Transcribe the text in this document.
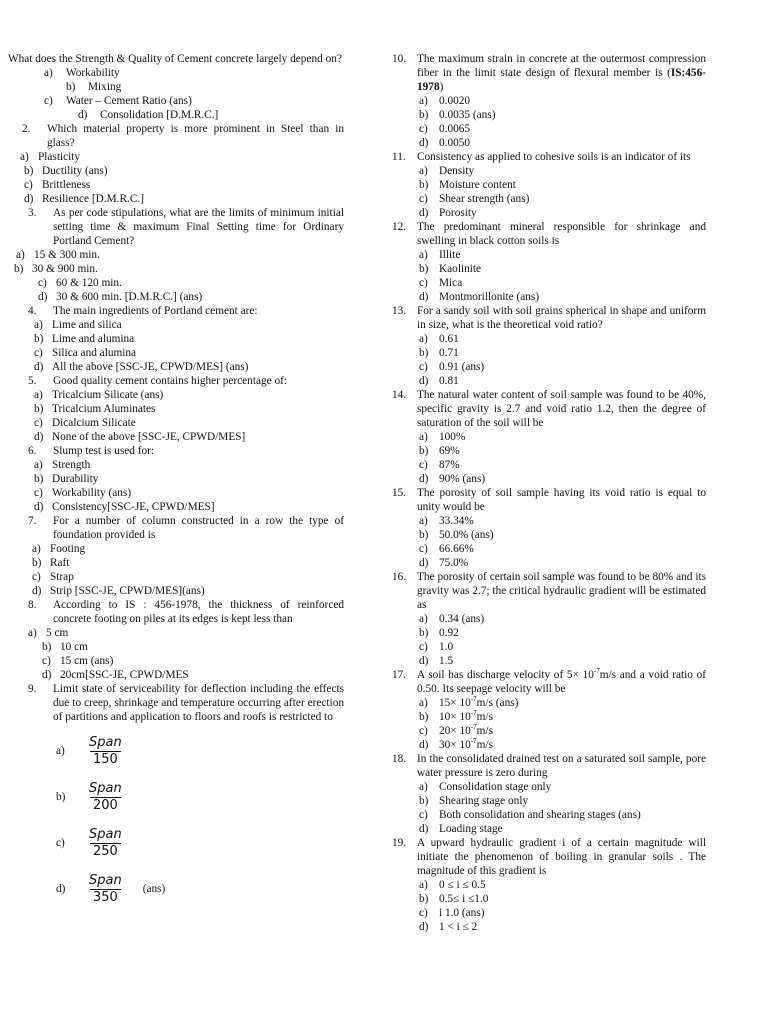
What does the Strength & Quality of Cement concrete largely depend on?
a)	Workability
b)	Mixing
c)	Water – Cement Ratio (ans)
d)	Consolidation [D.M.R.C.]
2.	Which material property is more prominent in Steel than in glass?
a) Plasticity
b) Ductility (ans)
c) Brittleness
d) Resilience [D.M.R.C.]
3.	As per code stipulations, what are the limits of minimum initial setting time & maximum Final Setting time for Ordinary Portland Cement?
a) 15 & 300 min.
b) 30 & 900 min.
c) 60 & 120 min.
d) 30 & 600 min. [D.M.R.C.] (ans)
4.	The main ingredients of Portland cement are:
a) Lime and silica
b) Lime and alumina
c) Silica and alumina
d) All the above [SSC-JE, CPWD/MES] (ans)
5.	Good quality cement contains higher percentage of:
a) Tricalcium Silicate (ans)
b) Tricalcium Aluminates
c) Dicalcium Silicate
d) None of the above [SSC-JE, CPWD/MES]
6.	Slump test is used for:
a) Strength
b) Durability
c) Workability (ans)
d) Consistency[SSC-JE, CPWD/MES]
7.	For a number of column constructed in a row the type of foundation provided is
a) Footing
b) Raft
c) Strap
d) Strip [SSC-JE, CPWD/MES](ans)
8.	According to IS : 456-1978, the thickness of reinforced concrete footing on piles at its edges is kept less than
a) 5 cm
b) 10 cm
c) 15 cm (ans)
d) 20cm[SSC-JE, CPWD/MES
9.	Limit state of serviceability for deflection including the effects due to creep, shrinkage and temperature occurring after erection of partitions and application to floors and roofs is restricted to
a)	$\frac{\text{Span}}{150}$
b)	$\frac{\text{Span}}{200}$
c)	$\frac{\text{Span}}{250}$
d)	$\frac{\text{Span}}{350} (ans)$
10. The maximum strain in concrete at the outermost compression fiber in the limit state design of flexural member is (IS:456-1978)
a) 0.0020
b) 0.0035 (ans)
c) 0.0065
d) 0.0050
11. Consistency as applied to cohesive soils is an indicator of its
a) Density
b) Moisture content
c) Shear strength (ans)
d) Porosity
12. The predominant mineral responsible for shrinkage and swelling in black cotton soils is
a) Illite
b) Kaolinite
c) Mica
d) Montmorillonite (ans)
13. For a sandy soil with soil grains spherical in shape and uniform in size, what is the theoretical void ratio?
a) 0.61
b) 0.71
c) 0.91 (ans)
d) 0.81
14. The natural water content of soil sample was found to be 40%, specific gravity is 2.7 and void ratio 1.2, then the degree of saturation of the soil will be
a) 100%
b) 69%
c) 87%
d) 90% (ans)
15. The porosity of soil sample having its void ratio is equal to unity would be
a) 33.34%
b) 50.0% (ans)
c) 66.66%
d) 75.0%
16. The porosity of certain soil sample was found to be 80% and its gravity was 2.7; the critical hydraulic gradient will be estimated as
a) 0.34 (ans)
b) 0.92
c) 1.0
d) 1.5
17. A soil has discharge velocity of $5\times 10^{-7}m/s$ and a void ratio of 0.50. Its seepage velocity will be
a) $15\times 10^{-7}m/s$ (ans)
b) $10\times 10^{-7}m/s$
c) $20\times 10^{-7}m/s$
d) $30\times 10^{-7}m/s$
18. In the consolidated drained test on a saturated soil sample, pore water pressure is zero during
a) Consolidation stage only
b) Shearing stage only
c) Both consolidation and shearing stages (ans)
d) Loading stage
19. A upward hydraulic gradient i of a certain magnitude will initiate the phenomenon of boiling in granular soils . The magnitude of this gradient is
a) 0 ≤ i ≤ 0.5
b) 0.5≤ i ≤1.0
c) i 1.0 (ans)
d) 1 < i ≤ 2
